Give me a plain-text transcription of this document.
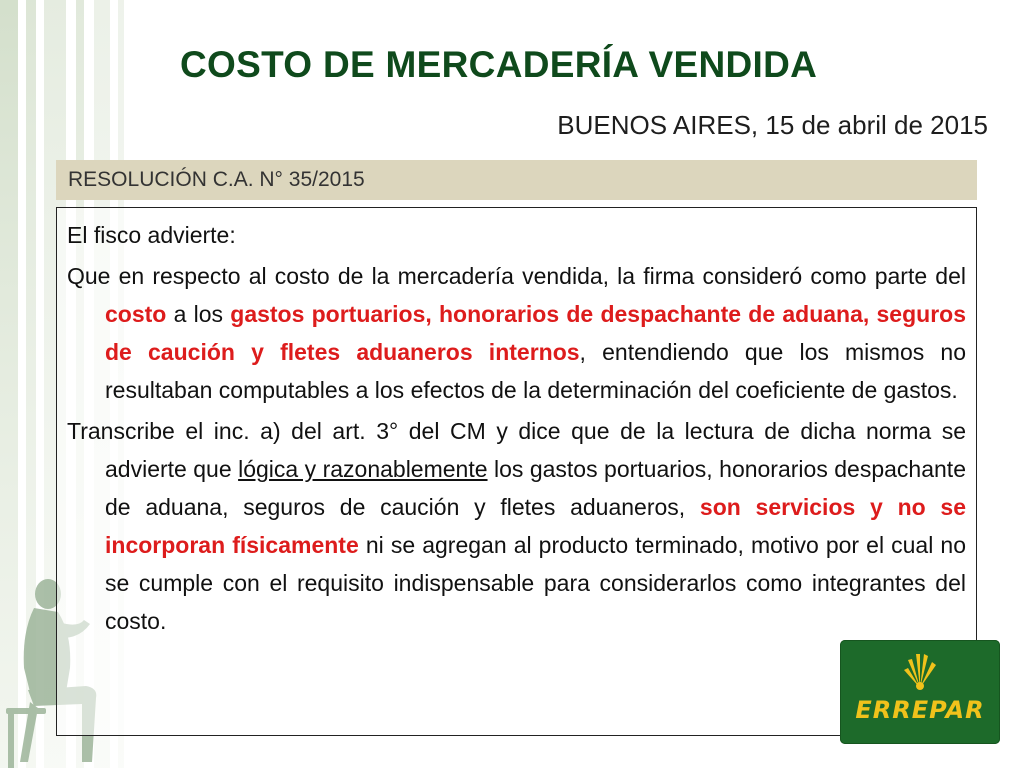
COSTO DE MERCADERÍA VENDIDA
BUENOS AIRES, 15 de abril de 2015
RESOLUCIÓN C.A. N° 35/2015

El fisco advierte:

Que en respecto al costo de la mercadería vendida, la firma consideró como parte del costo a los gastos portuarios, honorarios de despachante de aduana, seguros de caución y fletes aduaneros internos, entendiendo que los mismos no resultaban computables a los efectos de la determinación del coeficiente de gastos.

Transcribe el inc. a) del art. 3° del CM y dice que de la lectura de dicha norma se advierte que lógica y razonablemente los gastos portuarios, honorarios despachante de aduana, seguros de caución y fletes aduaneros, son servicios y no se incorporan físicamente ni se agregan al producto terminado, motivo por el cual no se cumple con el requisito indispensable para considerarlos como integrantes del costo.

ERREPAR
